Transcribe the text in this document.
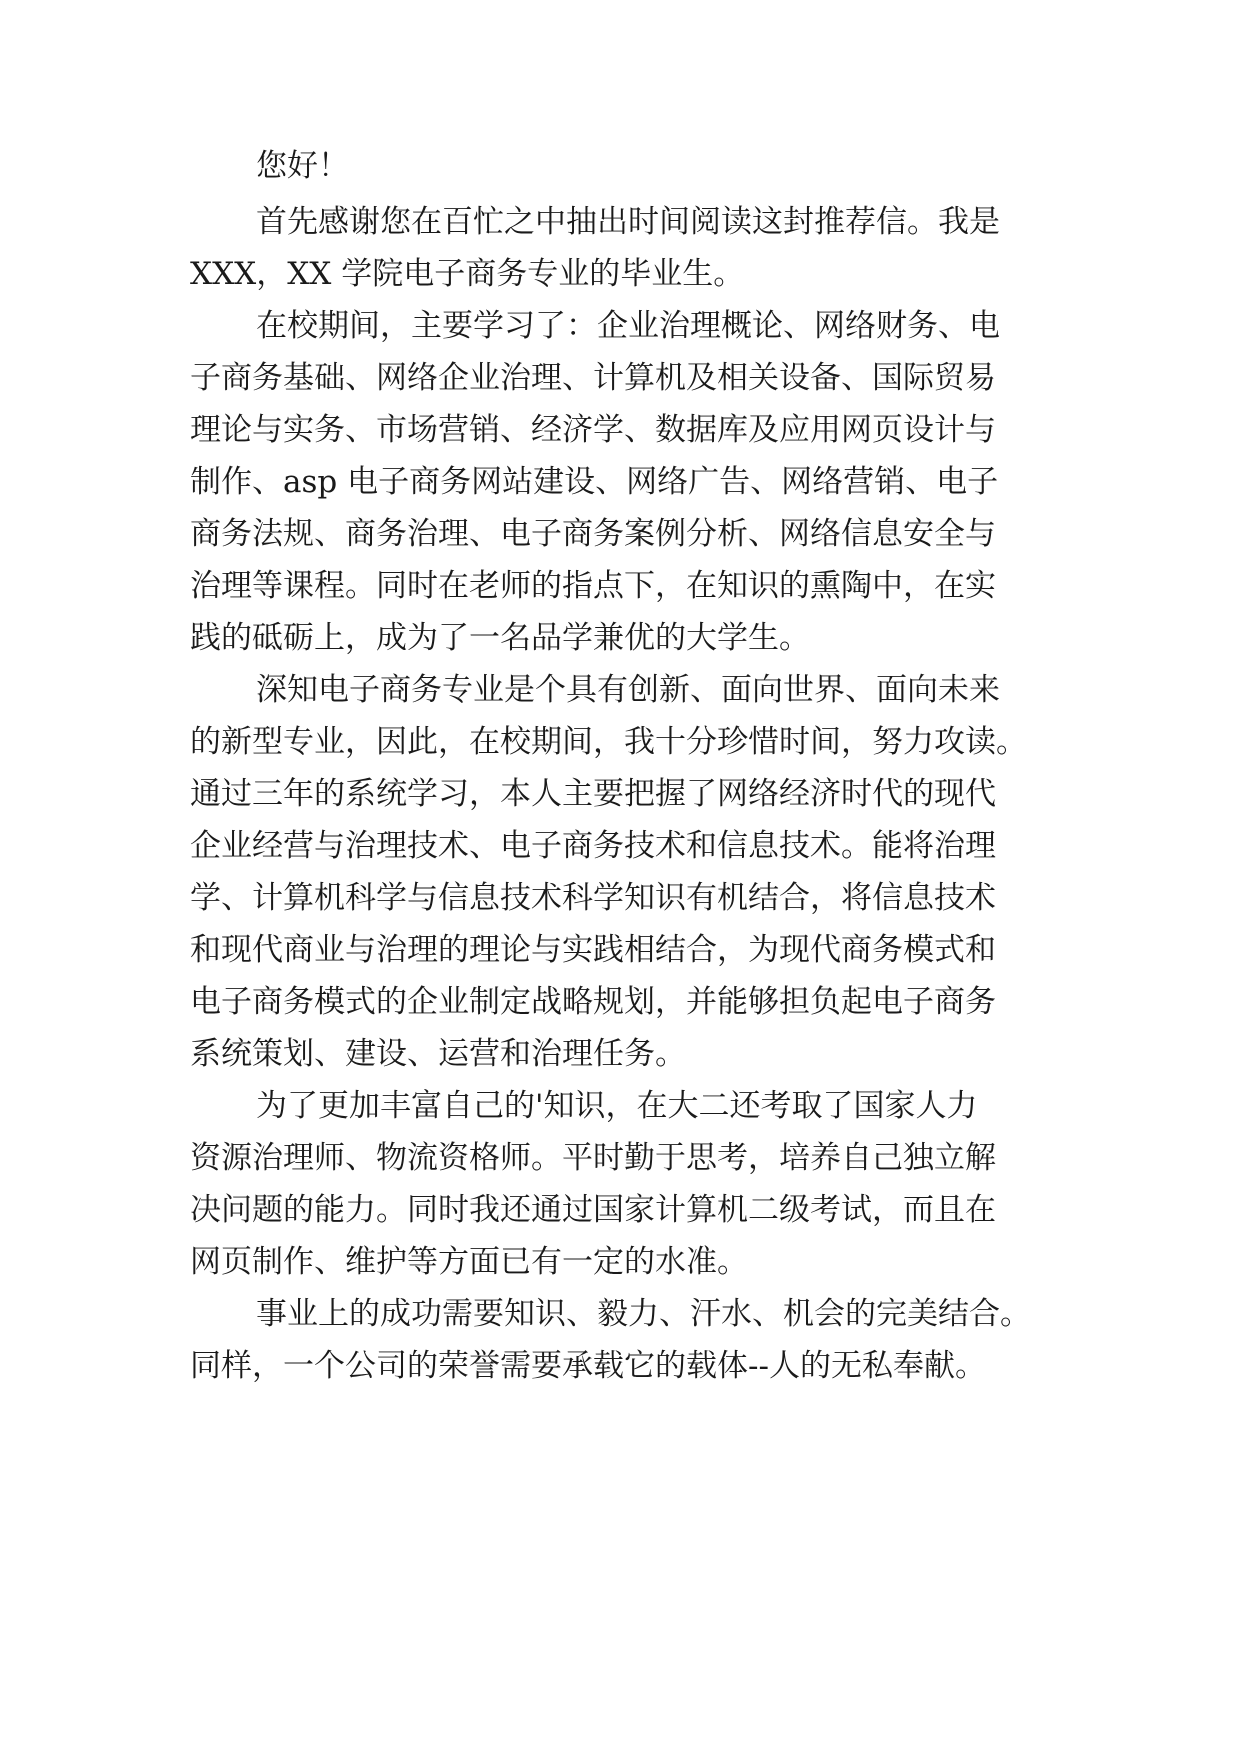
您好！
首先感谢您在百忙之中抽出时间阅读这封推荐信。我是
XXX，XX 学院电子商务专业的毕业生。
在校期间，主要学习了：企业治理概论、网络财务、电
子商务基础、网络企业治理、计算机及相关设备、国际贸易
理论与实务、市场营销、经济学、数据库及应用网页设计与
制作、asp 电子商务网站建设、网络广告、网络营销、电子
商务法规、商务治理、电子商务案例分析、网络信息安全与
治理等课程。同时在老师的指点下，在知识的熏陶中，在实
践的砥砺上，成为了一名品学兼优的大学生。
深知电子商务专业是个具有创新、面向世界、面向未来
的新型专业，因此，在校期间，我十分珍惜时间，努力攻读。
通过三年的系统学习，本人主要把握了网络经济时代的现代
企业经营与治理技术、电子商务技术和信息技术。能将治理
学、计算机科学与信息技术科学知识有机结合，将信息技术
和现代商业与治理的理论与实践相结合，为现代商务模式和
电子商务模式的企业制定战略规划，并能够担负起电子商务
系统策划、建设、运营和治理任务。
为了更加丰富自己的'知识，在大二还考取了国家人力
资源治理师、物流资格师。平时勤于思考，培养自己独立解
决问题的能力。同时我还通过国家计算机二级考试，而且在
网页制作、维护等方面已有一定的水准。
事业上的成功需要知识、毅力、汗水、机会的完美结合。
同样，一个公司的荣誉需要承载它的载体--人的无私奉献。
